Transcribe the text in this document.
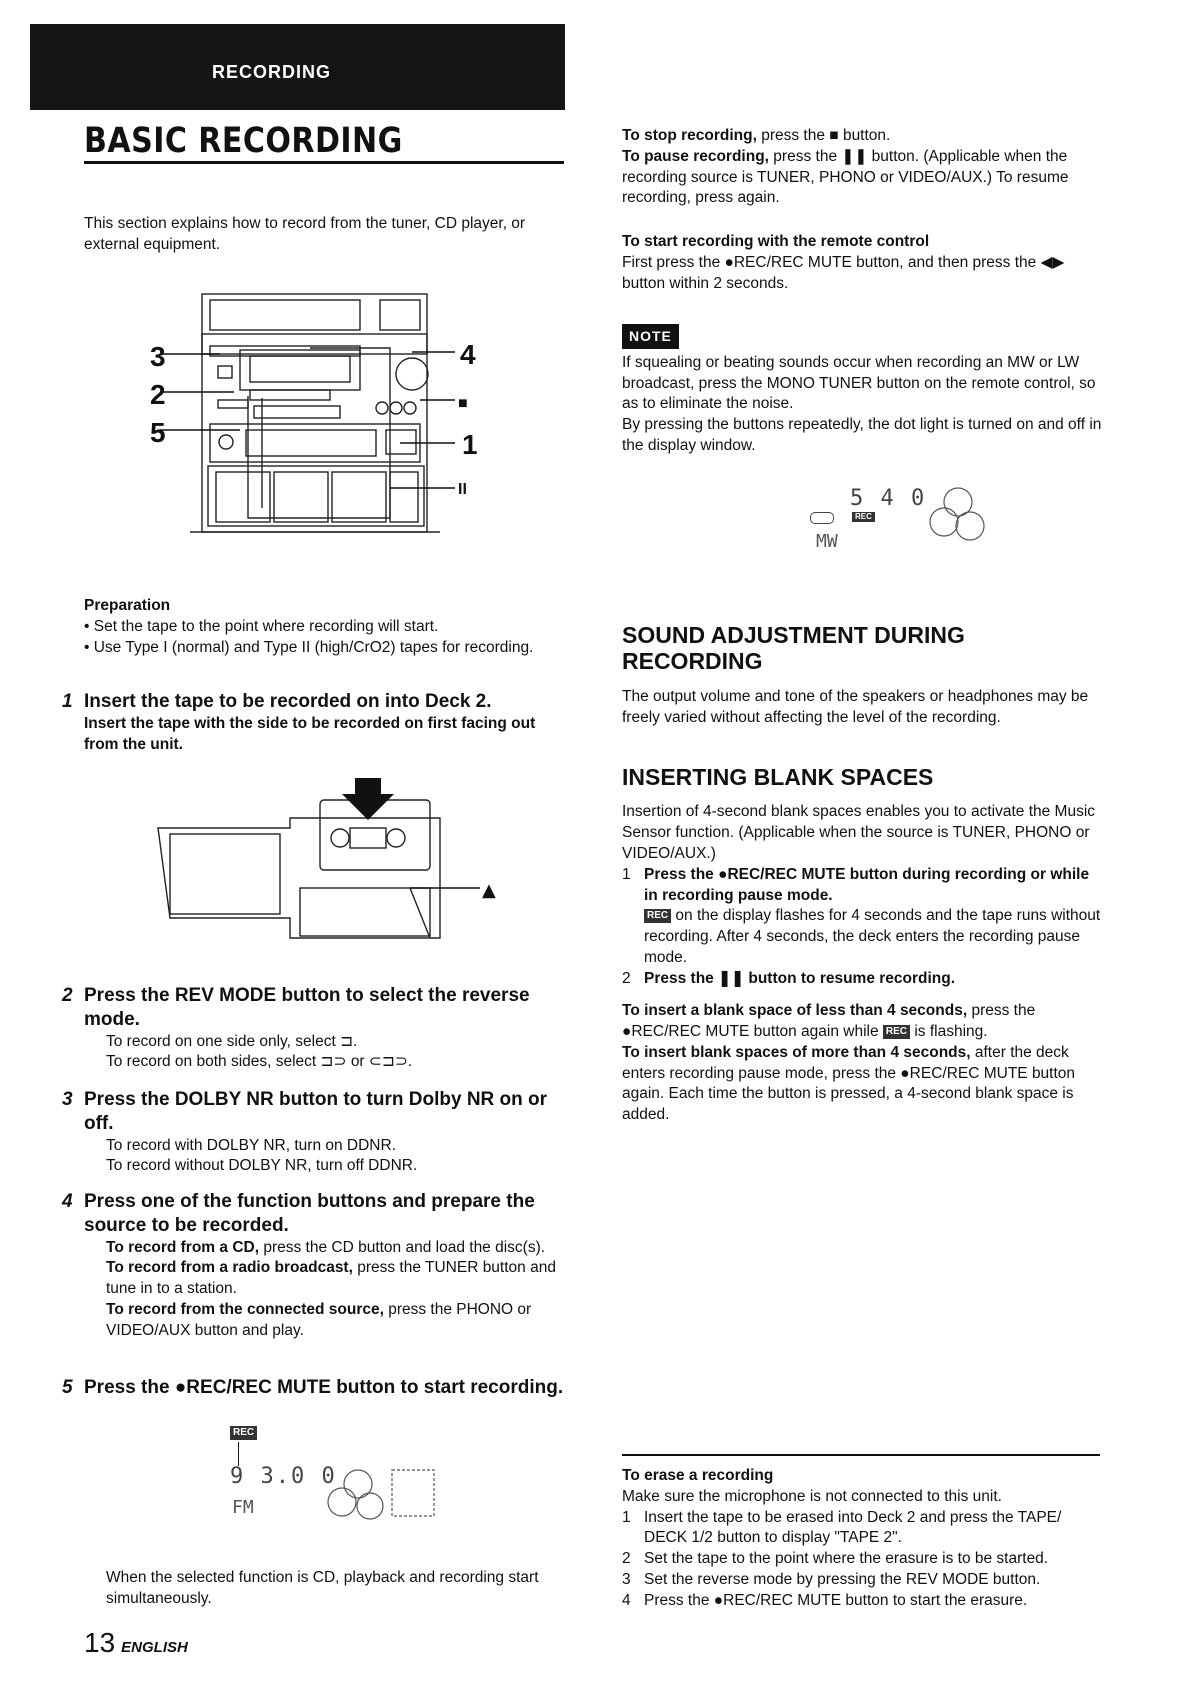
RECORDING
BASIC RECORDING
This section explains how to record from the tuner, CD player, or external equipment.
3
2
5
4
■
1
II
Preparation
• Set the tape to the point where recording will start.
• Use Type I (normal) and Type II (high/CrO2) tapes for recording.
1 Insert the tape to be recorded on into Deck 2.
Insert the tape with the side to be recorded on first facing out from the unit.
▲
2 Press the REV MODE button to select the reverse mode.
To record on one side only, select ⊐.
To record on both sides, select ⊐⊃ or ⊂⊐⊃.
3 Press the DOLBY NR button to turn Dolby NR on or off.
To record with DOLBY NR, turn on DDNR.
To record without DOLBY NR, turn off DDNR.
4 Press one of the function buttons and prepare the source to be recorded.
To record from a CD, press the CD button and load the disc(s).
To record from a radio broadcast, press the TUNER button and tune in to a station.
To record from the connected source, press the PHONO or VIDEO/AUX button and play.
5 Press the ●REC/REC MUTE button to start recording.
REC
9 3.0 0
FM
When the selected function is CD, playback and recording start simultaneously.
To stop recording, press the ■ button.
To pause recording, press the ❚❚ button. (Applicable when the recording source is TUNER, PHONO or VIDEO/AUX.) To resume recording, press again.
To start recording with the remote control
First press the ●REC/REC MUTE button, and then press the ◀▶ button within 2 seconds.
NOTE
If squealing or beating sounds occur when recording an MW or LW broadcast, press the MONO TUNER button on the remote control, so as to eliminate the noise.
By pressing the buttons repeatedly, the dot light is turned on and off in the display window.
5 4 0
REC
MW
SOUND ADJUSTMENT DURING RECORDING
The output volume and tone of the speakers or headphones may be freely varied without affecting the level of the recording.
INSERTING BLANK SPACES
Insertion of 4-second blank spaces enables you to activate the Music Sensor function. (Applicable when the source is TUNER, PHONO or VIDEO/AUX.)
1 Press the ●REC/REC MUTE button during recording or while in recording pause mode.
REC on the display flashes for 4 seconds and the tape runs without recording. After 4 seconds, the deck enters the recording pause mode.
2 Press the ❚❚ button to resume recording.
To insert a blank space of less than 4 seconds, press the ●REC/REC MUTE button again while REC is flashing.
To insert blank spaces of more than 4 seconds, after the deck enters recording pause mode, press the ●REC/REC MUTE button again. Each time the button is pressed, a 4-second blank space is added.
To erase a recording
Make sure the microphone is not connected to this unit.
1 Insert the tape to be erased into Deck 2 and press the TAPE/ DECK 1/2 button to display "TAPE 2".
2 Set the tape to the point where the erasure is to be started.
3 Set the reverse mode by pressing the REV MODE button.
4 Press the ●REC/REC MUTE button to start the erasure.
13 ENGLISH
